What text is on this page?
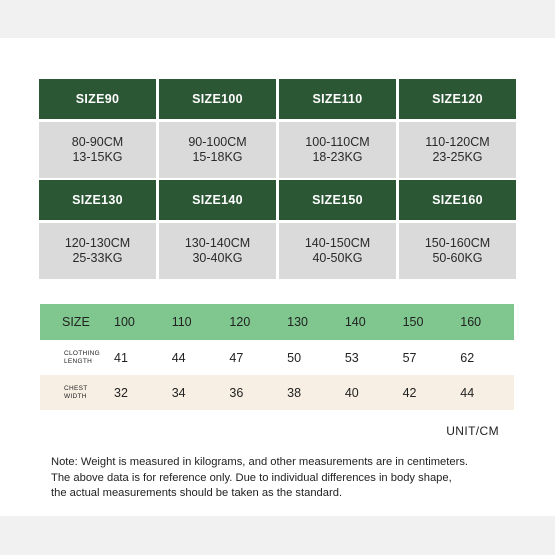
SIZE90
80-90CM
13-15KG
SIZE100
90-100CM
15-18KG
SIZE110
100-110CM
18-23KG
SIZE120
110-120CM
23-25KG
SIZE130
120-130CM
25-33KG
SIZE140
130-140CM
30-40KG
SIZE150
140-150CM
40-50KG
SIZE160
150-160CM
50-60KG
SIZE	100	110	120	130	140	150	160
CLOTHING
LENGTH	41	44	47	50	53	57	62
CHEST
WIDTH	32	34	36	38	40	42	44
UNIT/CM
Note: Weight is measured in kilograms, and other measurements are in centimeters.
The above data is for reference only. Due to individual differences in body shape,
the actual measurements should be taken as the standard.
